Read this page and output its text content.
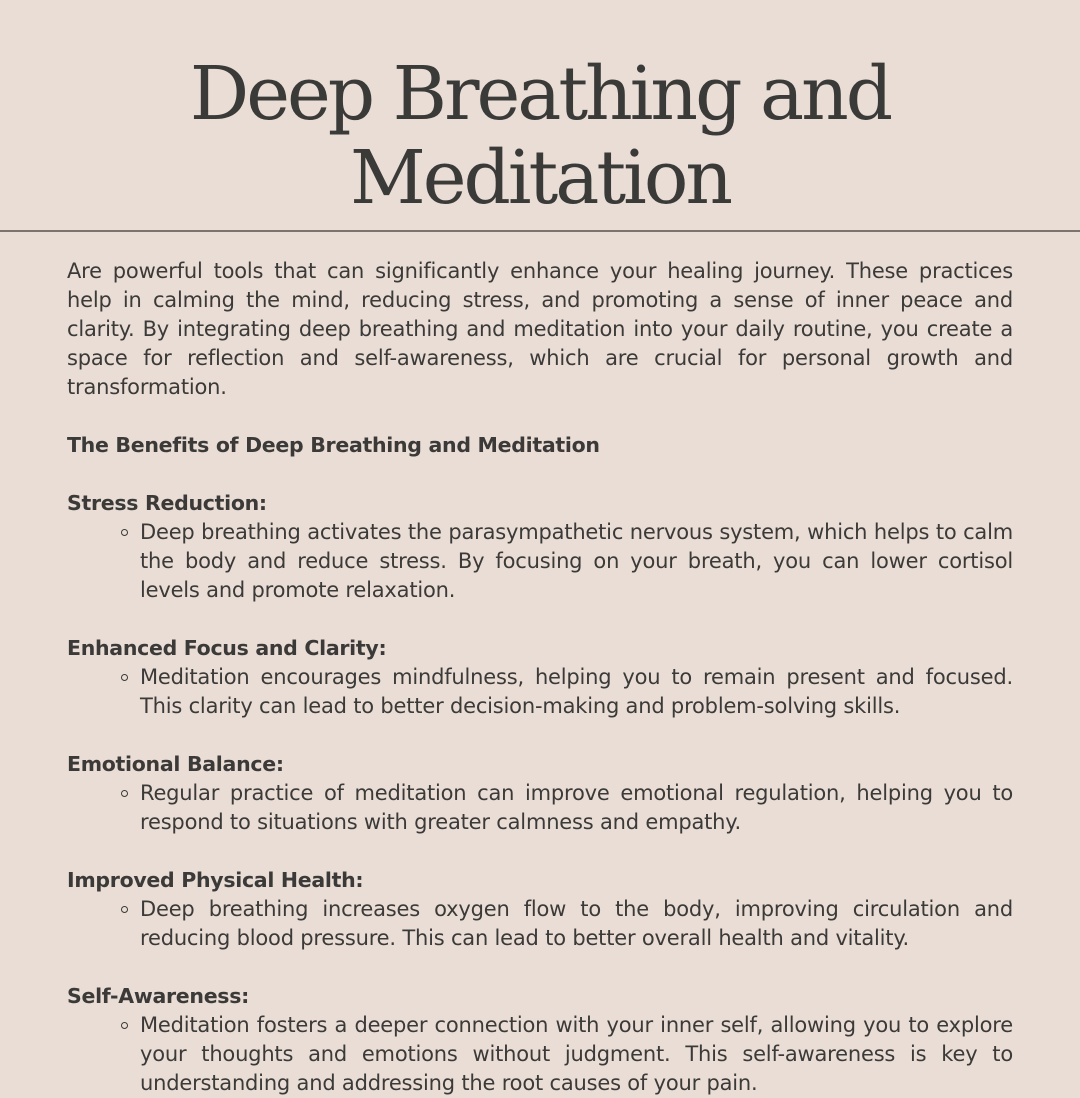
Deep Breathing and
Meditation

Are powerful tools that can significantly enhance your healing journey. These practices help in calming the mind, reducing stress, and promoting a sense of inner peace and clarity. By integrating deep breathing and meditation into your daily routine, you create a space for reflection and self-awareness, which are crucial for personal growth and transformation.

The Benefits of Deep Breathing and Meditation

Stress Reduction:

Deep breathing activates the parasympathetic nervous system, which helps to calm the body and reduce stress. By focusing on your breath, you can lower cortisol levels and promote relaxation.

Enhanced Focus and Clarity:

Meditation encourages mindfulness, helping you to remain present and focused. This clarity can lead to better decision-making and problem-solving skills.

Emotional Balance:

Regular practice of meditation can improve emotional regulation, helping you to respond to situations with greater calmness and empathy.

Improved Physical Health:

Deep breathing increases oxygen flow to the body, improving circulation and reducing blood pressure. This can lead to better overall health and vitality.

Self-Awareness:

Meditation fosters a deeper connection with your inner self, allowing you to explore your thoughts and emotions without judgment. This self-awareness is key to understanding and addressing the root causes of your pain.
